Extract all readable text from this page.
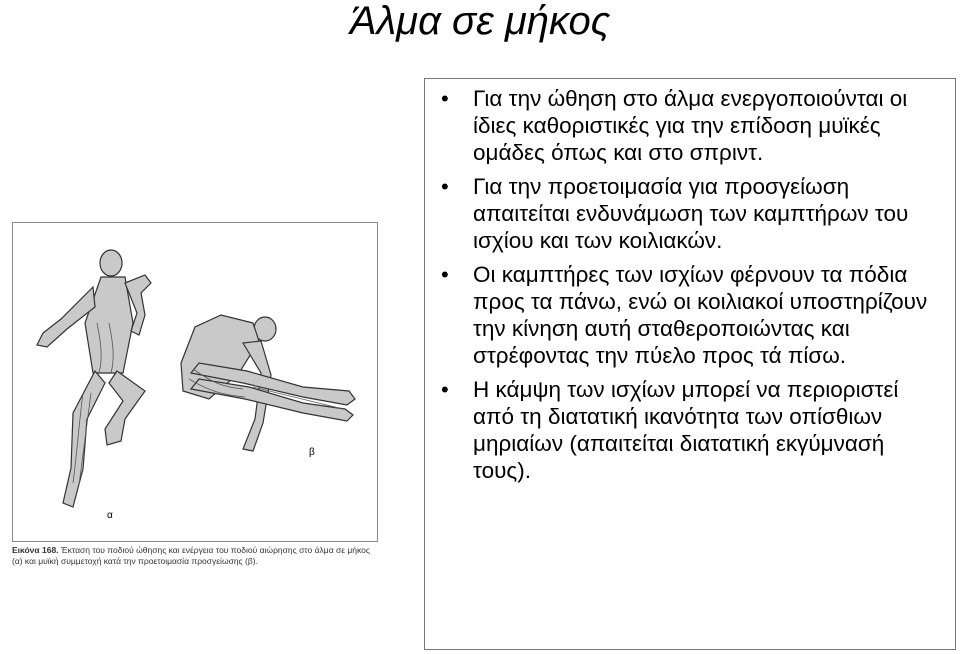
Άλμα σε μήκος
α
β
Εικόνα 168. Έκταση του ποδιού ώθησης και ενέργεια του ποδιού αιώρησης στο άλμα σε μήκος (α) και μυϊκή συμμετοχή κατά την προετοιμασία προσγείωσης (β).
• Για την ώθηση στο άλμα ενεργοποιούνται οι ίδιες καθοριστικές για την επίδοση μυϊκές ομάδες όπως και στο σπριντ.
• Για την προετοιμασία για προσγείωση απαιτείται ενδυνάμωση των καμπτήρων του ισχίου και των κοιλιακών.
• Οι καμπτήρες των ισχίων φέρνουν τα πόδια προς τα πάνω, ενώ οι κοιλιακοί υποστηρίζουν την κίνηση αυτή σταθεροποιώντας και στρέφοντας την πύελο προς τά πίσω.
• Η κάμψη των ισχίων μπορεί να περιοριστεί από τη διατατική ικανότητα των οπίσθιων μηριαίων (απαιτείται διατατική εκγύμνασή τους).
